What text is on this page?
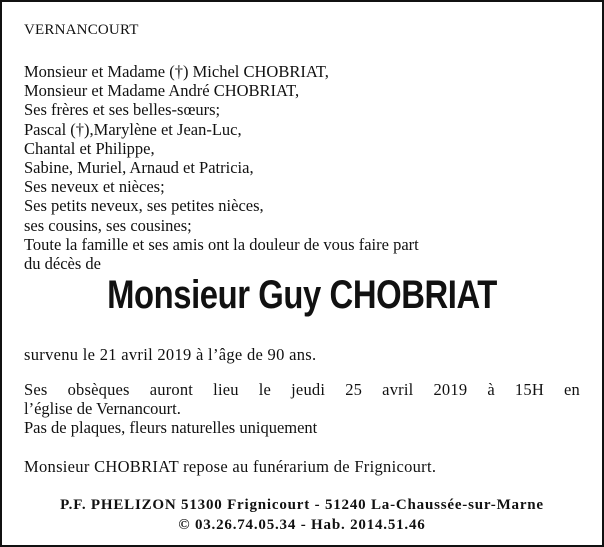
VERNANCOURT
Monsieur et Madame (†) Michel CHOBRIAT,
Monsieur et Madame André CHOBRIAT,
Ses frères et ses belles-sœurs;
Pascal (†),Marylène et Jean-Luc,
Chantal et Philippe,
Sabine, Muriel, Arnaud et Patricia,
Ses neveux et nièces;
Ses petits neveux, ses petites nièces,
ses cousins, ses cousines;
Toute la famille et ses amis ont la douleur de vous faire part
du décès de
Monsieur Guy CHOBRIAT
survenu le 21 avril 2019 à l’âge de 90 ans.
Ses obsèques auront lieu le jeudi 25 avril 2019 à 15H en
l’église de Vernancourt.
Pas de plaques, fleurs naturelles uniquement
Monsieur CHOBRIAT repose au funérarium de Frignicourt.
P.F. PHELIZON 51300 Frignicourt - 51240 La-Chaussée-sur-Marne
© 03.26.74.05.34 - Hab. 2014.51.46
